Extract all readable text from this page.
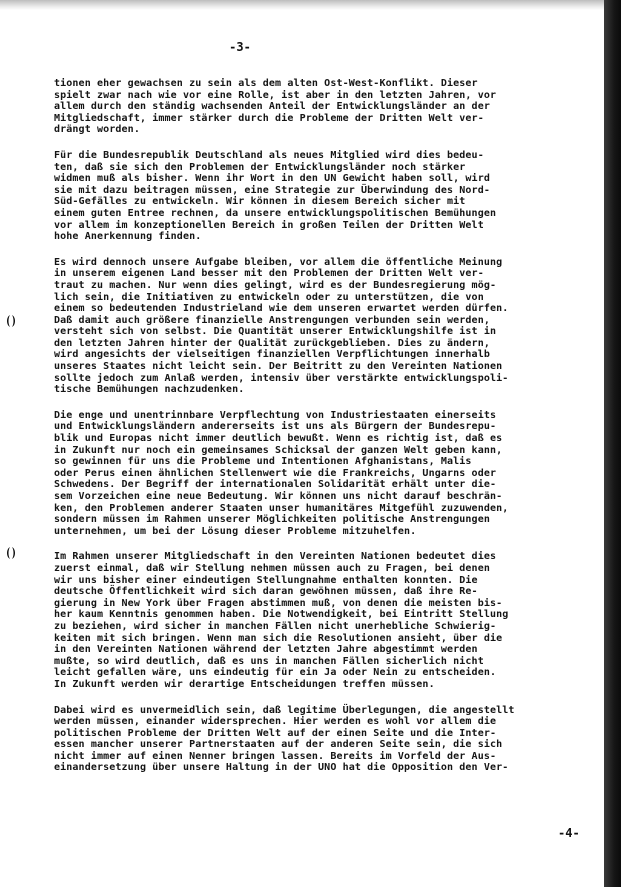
-3-
tionen eher gewachsen zu sein als dem alten Ost-West-Konflikt. Dieser
spielt zwar nach wie vor eine Rolle, ist aber in den letzten Jahren, vor
allem durch den ständig wachsenden Anteil der Entwicklungsländer an der
Mitgliedschaft, immer stärker durch die Probleme der Dritten Welt ver-
drängt worden.
Für die Bundesrepublik Deutschland als neues Mitglied wird dies bedeu-
ten, daß sie sich den Problemen der Entwicklungsländer noch stärker
widmen muß als bisher. Wenn ihr Wort in den UN Gewicht haben soll, wird
sie mit dazu beitragen müssen, eine Strategie zur Überwindung des Nord-
Süd-Gefälles zu entwickeln. Wir können in diesem Bereich sicher mit
einem guten Entree rechnen, da unsere entwicklungspolitischen Bemühungen
vor allem im konzeptionellen Bereich in großen Teilen der Dritten Welt
hohe Anerkennung finden.
Es wird dennoch unsere Aufgabe bleiben, vor allem die öffentliche Meinung
in unserem eigenen Land besser mit den Problemen der Dritten Welt ver-
traut zu machen. Nur wenn dies gelingt, wird es der Bundesregierung mög-
lich sein, die Initiativen zu entwickeln oder zu unterstützen, die von
einem so bedeutenden Industrieland wie dem unseren erwartet werden dürfen.
Daß damit auch größere finanzielle Anstrengungen verbunden sein werden,
versteht sich von selbst. Die Quantität unserer Entwicklungshilfe ist in
den letzten Jahren hinter der Qualität zurückgeblieben. Dies zu ändern,
wird angesichts der vielseitigen finanziellen Verpflichtungen innerhalb
unseres Staates nicht leicht sein. Der Beitritt zu den Vereinten Nationen
sollte jedoch zum Anlaß werden, intensiv über verstärkte entwicklungspoli-
tische Bemühungen nachzudenken.
Die enge und unentrinnbare Verpflechtung von Industriestaaten einerseits
und Entwicklungsländern andererseits ist uns als Bürgern der Bundesrepu-
blik und Europas nicht immer deutlich bewußt. Wenn es richtig ist, daß es
in Zukunft nur noch ein gemeinsames Schicksal der ganzen Welt geben kann,
so gewinnen für uns die Probleme und Intentionen Afghanistans, Malis
oder Perus einen ähnlichen Stellenwert wie die Frankreichs, Ungarns oder
Schwedens. Der Begriff der internationalen Solidarität erhält unter die-
sem Vorzeichen eine neue Bedeutung. Wir können uns nicht darauf beschrän-
ken, den Problemen anderer Staaten unser humanitäres Mitgefühl zuzuwenden,
sondern müssen im Rahmen unserer Möglichkeiten politische Anstrengungen
unternehmen, um bei der Lösung dieser Probleme mitzuhelfen.
Im Rahmen unserer Mitgliedschaft in den Vereinten Nationen bedeutet dies
zuerst einmal, daß wir Stellung nehmen müssen auch zu Fragen, bei denen
wir uns bisher einer eindeutigen Stellungnahme enthalten konnten. Die
deutsche Öffentlichkeit wird sich daran gewöhnen müssen, daß ihre Re-
gierung in New York über Fragen abstimmen muß, von denen die meisten bis-
her kaum Kenntnis genommen haben. Die Notwendigkeit, bei Eintritt Stellung
zu beziehen, wird sicher in manchen Fällen nicht unerhebliche Schwierig-
keiten mit sich bringen. Wenn man sich die Resolutionen ansieht, über die
in den Vereinten Nationen während der letzten Jahre abgestimmt werden
mußte, so wird deutlich, daß es uns in manchen Fällen sicherlich nicht
leicht gefallen wäre, uns eindeutig für ein Ja oder Nein zu entscheiden.
In Zukunft werden wir derartige Entscheidungen treffen müssen.
Dabei wird es unvermeidlich sein, daß legitime Überlegungen, die angestellt
werden müssen, einander widersprechen. Hier werden es wohl vor allem die
politischen Probleme der Dritten Welt auf der einen Seite und die Inter-
essen mancher unserer Partnerstaaten auf der anderen Seite sein, die sich
nicht immer auf einen Nenner bringen lassen. Bereits im Vorfeld der Aus-
einandersetzung über unsere Haltung in der UNO hat die Opposition den Ver-
-4-
